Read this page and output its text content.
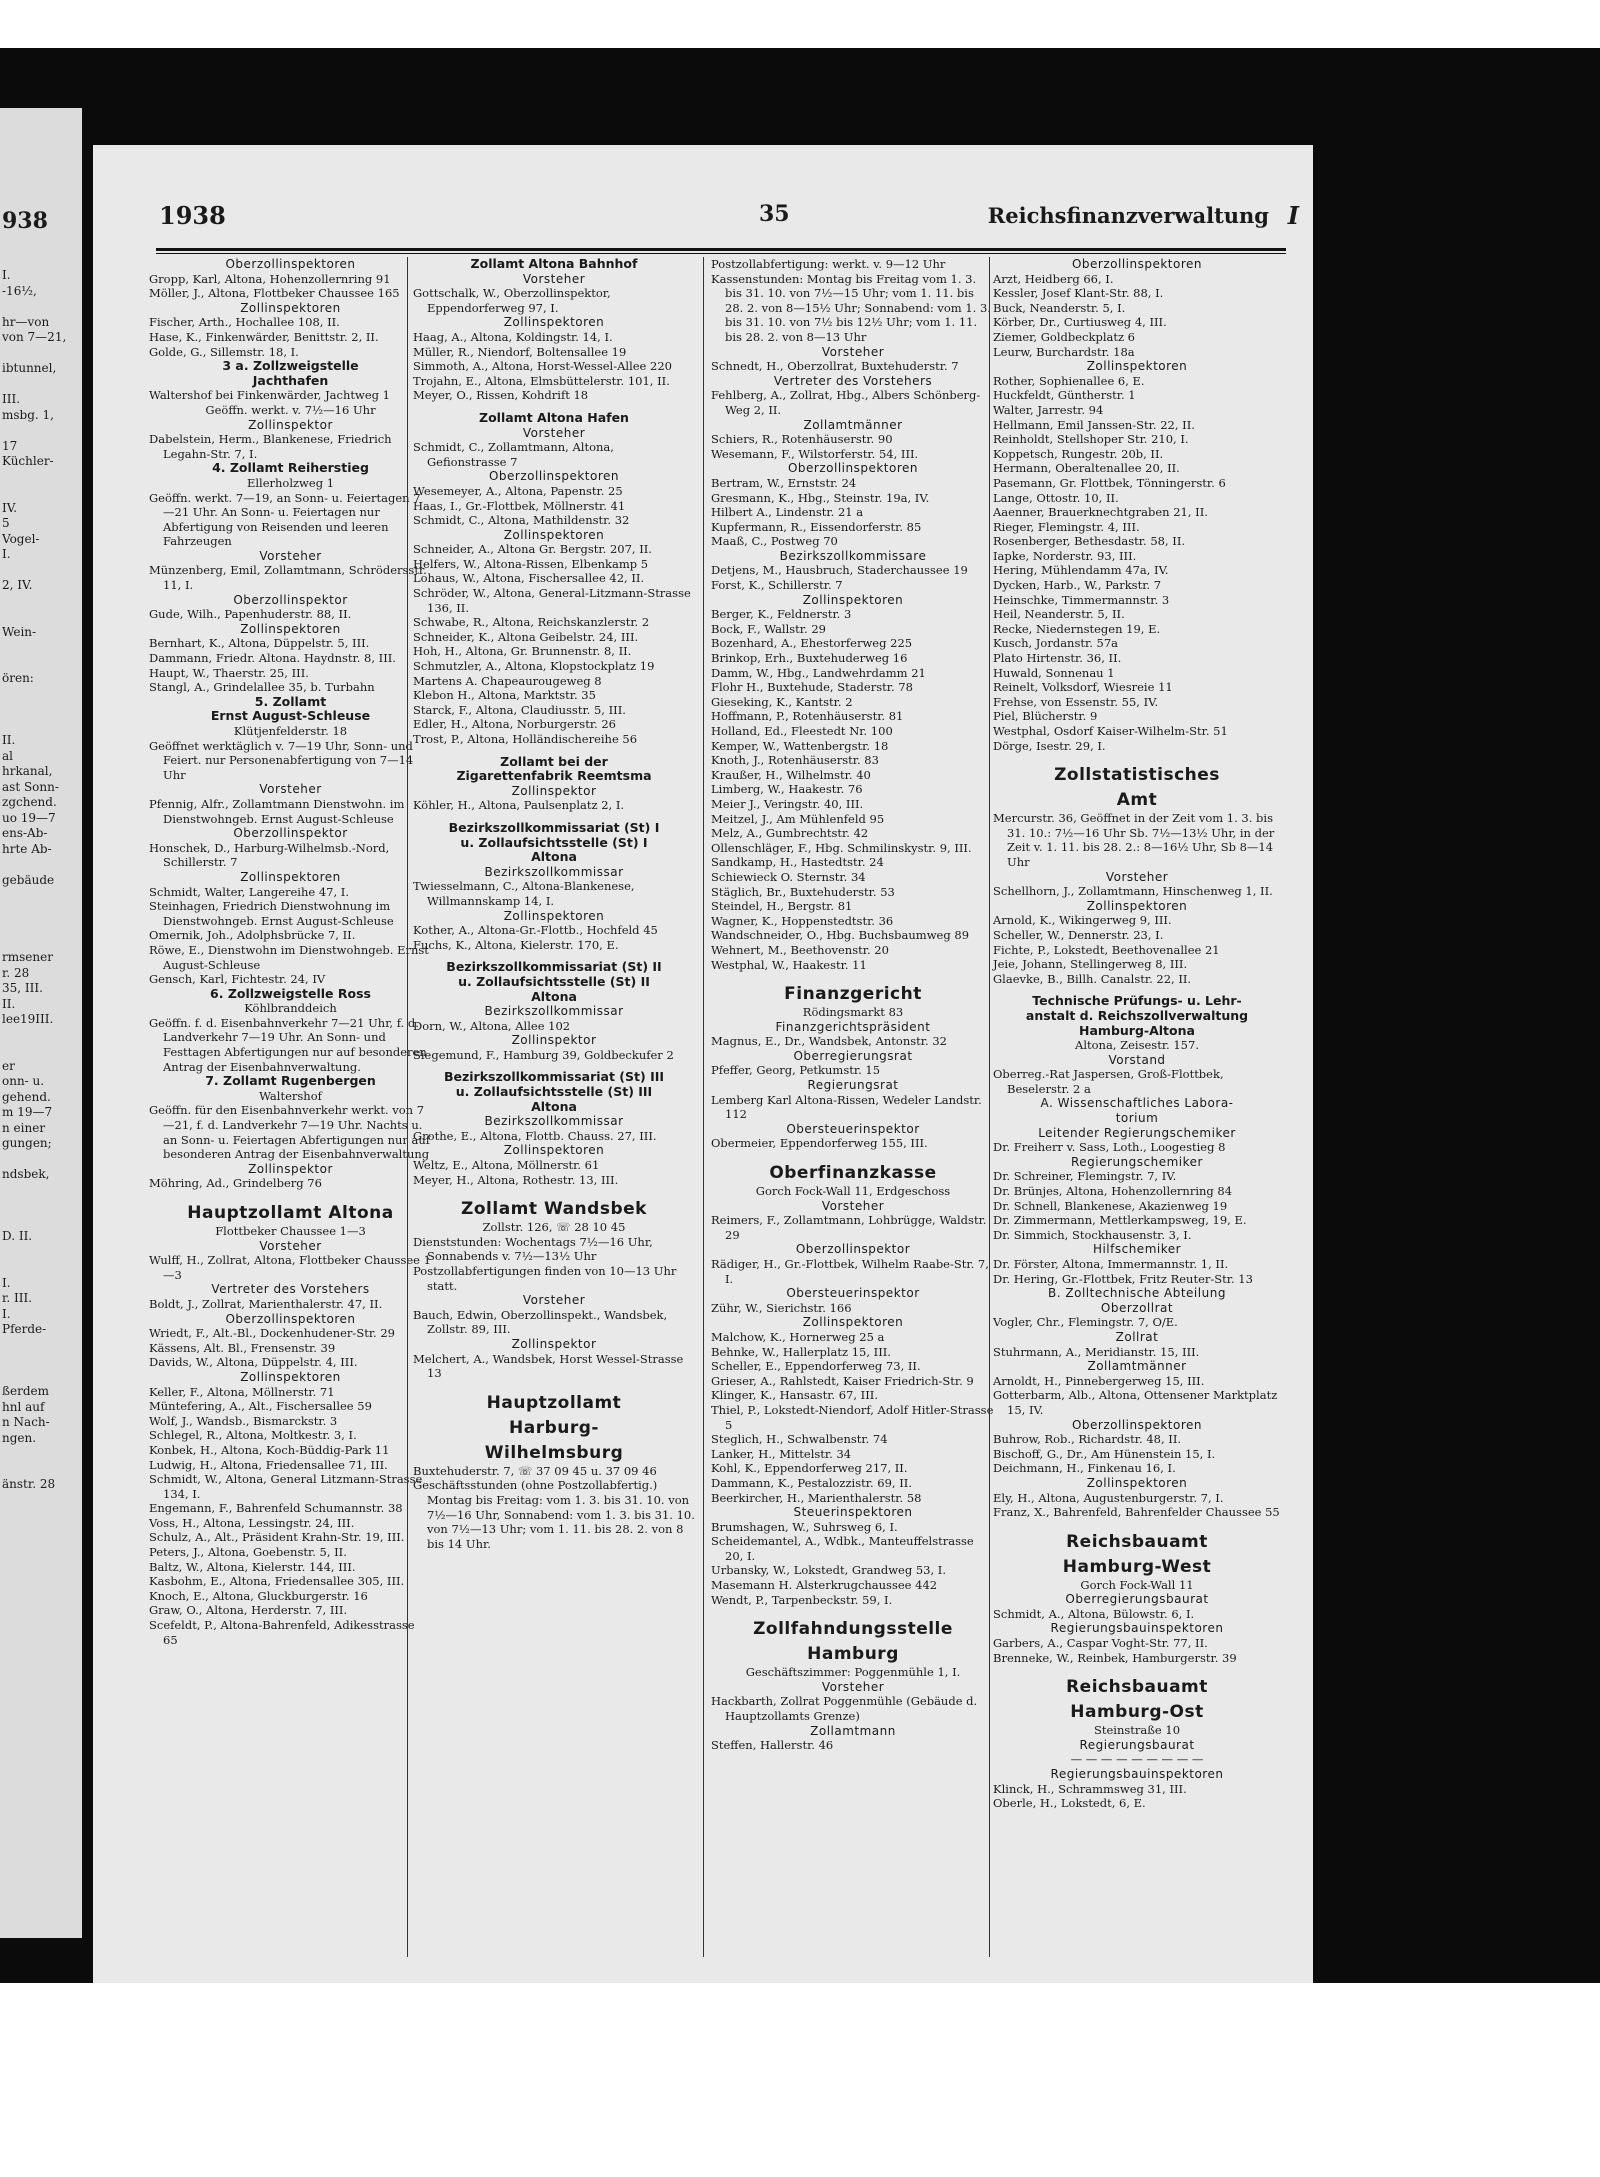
938
I.
-16½,
hr—von
von 7—21,
ibtunnel,
III.
msbg. 1,
17
Küchler-
IV.
5
Vogel-
I.
2, IV.
Wein-
ören:
II.
al
hrkanal,
ast Sonn-
zgchend.
uo 19—7
ens-Ab-
hrte Ab-
gebäude
rmsener
r. 28
35, III.
II.
lee19III.
er
onn- u.
gehend.
m 19—7
n einer
gungen;
ndsbek,
D. II.
I.
r. III.
I.
Pferde-
ßerdem
hnl auf
n Nach-
ngen.
änstr. 28
1938	35	Reichsfinanzverwaltung I
Oberzollinspektoren
Gropp, Karl, Altona, Hohenzollernring 91
Möller, J., Altona, Flottbeker Chaussee 165
Zollinspektoren
Fischer, Arth., Hochallee 108, II.
Hase, K., Finkenwärder, Benittstr. 2, II.
Golde, G., Sillemstr. 18, I.
3 a. Zollzweigstelle
Jachthafen
Waltershof bei Finkenwärder, Jachtweg 1
Geöffn. werkt. v. 7½—16 Uhr
Zollinspektor
Dabelstein, Herm., Blankenese, Friedrich Legahn-Str. 7, I.
4. Zollamt Reiherstieg
Ellerholzweg 1
Geöffn. werkt. 7—19, an Sonn- u. Feiertagen 7—21 Uhr. An Sonn- u. Feiertagen nur Abfertigung von Reisenden und leeren Fahrzeugen
Vorsteher
Münzenberg, Emil, Zollamtmann, Schrödersstr. 11, I.
Oberzollinspektor
Gude, Wilh., Papenhuderstr. 88, II.
Zollinspektoren
Bernhart, K., Altona, Düppelstr. 5, III.
Dammann, Friedr. Altona. Haydnstr. 8, III.
Haupt, W., Thaerstr. 25, III.
Stangl, A., Grindelallee 35, b. Turbahn
5. Zollamt
Ernst August-Schleuse
Klütjenfelderstr. 18
Geöffnet werktäglich v. 7—19 Uhr, Sonn- und Feiert. nur Personenabfertigung von 7—14 Uhr
Vorsteher
Pfennig, Alfr., Zollamtmann Dienstwohn. im Dienstwohngeb. Ernst August-Schleuse
Oberzollinspektor
Honschek, D., Harburg-Wilhelmsb.-Nord, Schillerstr. 7
Zollinspektoren
Schmidt, Walter, Langereihe 47, I.
Steinhagen, Friedrich Dienstwohnung im Dienstwohngeb. Ernst August-Schleuse
Omernik, Joh., Adolphsbrücke 7, II.
Röwe, E., Dienstwohn im Dienstwohngeb. Ernst August-Schleuse
Gensch, Karl, Fichtestr. 24, IV
6. Zollzweigstelle Ross
Köhlbranddeich
Geöffn. f. d. Eisenbahnverkehr 7—21 Uhr, f. d. Landverkehr 7—19 Uhr. An Sonn- und Festtagen Abfertigungen nur auf besonderen Antrag der Eisenbahnverwaltung.
7. Zollamt Rugenbergen
Waltershof
Geöffn. für den Eisenbahnverkehr werkt. von 7—21, f. d. Landverkehr 7—19 Uhr. Nachts u. an Sonn- u. Feiertagen Abfertigungen nur auf besonderen Antrag der Eisenbahnverwaltung
Zollinspektor
Möhring, Ad., Grindelberg 76
Hauptzollamt Altona
Flottbeker Chaussee 1—3
Vorsteher
Wulff, H., Zollrat, Altona, Flottbeker Chaussee 1—3
Vertreter des Vorstehers
Boldt, J., Zollrat, Marienthalerstr. 47, II.
Oberzollinspektoren
Wriedt, F., Alt.-Bl., Dockenhudener-Str. 29
Kässens, Alt. Bl., Frensenstr. 39
Davids, W., Altona, Düppelstr. 4, III.
Zollinspektoren
Keller, F., Altona, Möllnerstr. 71
Müntefering, A., Alt., Fischersallee 59
Wolf, J., Wandsb., Bismarckstr. 3
Schlegel, R., Altona, Moltkestr. 3, I.
Konbek, H., Altona, Koch-Büddig-Park 11
Ludwig, H., Altona, Friedensallee 71, III.
Schmidt, W., Altona, General Litzmann-Strasse 134, I.
Engemann, F., Bahrenfeld Schumannstr. 38
Voss, H., Altona, Lessingstr. 24, III.
Schulz, A., Alt., Präsident Krahn-Str. 19, III.
Peters, J., Altona, Goebenstr. 5, II.
Baltz, W., Altona, Kielerstr. 144, III.
Kasbohm, E., Altona, Friedensallee 305, III.
Knoch, E., Altona, Gluckburgerstr. 16
Graw, O., Altona, Herderstr. 7, III.
Scefeldt, P., Altona-Bahrenfeld, Adikesstrasse 65
Zollamt Altona Bahnhof
Vorsteher
Gottschalk, W., Oberzollinspektor, Eppendorferweg 97, I.
Zollinspektoren
Haag, A., Altona, Koldingstr. 14, I.
Müller, R., Niendorf, Boltensallee 19
Simmoth, A., Altona, Horst-Wessel-Allee 220
Trojahn, E., Altona, Elmsbüttelerstr. 101, II.
Meyer, O., Rissen, Kohdrift 18
Zollamt Altona Hafen
Vorsteher
Schmidt, C., Zollamtmann, Altona, Gefionstrasse 7
Oberzollinspektoren
Wesemeyer, A., Altona, Papenstr. 25
Haas, I., Gr.-Flottbek, Möllnerstr. 41
Schmidt, C., Altona, Mathildenstr. 32
Zollinspektoren
Schneider, A., Altona Gr. Bergstr. 207, II.
Helfers, W., Altona-Rissen, Elbenkamp 5
Lohaus, W., Altona, Fischersallee 42, II.
Schröder, W., Altona, General-Litzmann-Strasse 136, II.
Schwabe, R., Altona, Reichskanzlerstr. 2
Schneider, K., Altona Geibelstr. 24, III.
Hoh, H., Altona, Gr. Brunnenstr. 8, II.
Schmutzler, A., Altona, Klopstockplatz 19
Martens A. Chapeaurougeweg 8
Klebon H., Altona, Marktstr. 35
Starck, F., Altona, Claudiusstr. 5, III.
Edler, H., Altona, Norburgerstr. 26
Trost, P., Altona, Holländischereihe 56
Zollamt bei der
Zigarettenfabrik Reemtsma
Zollinspektor
Köhler, H., Altona, Paulsenplatz 2, I.
Bezirkszollkommissariat (St) I
u. Zollaufsichtsstelle (St) I
Altona
Bezirkszollkommissar
Twiesselmann, C., Altona-Blankenese, Willmannskamp 14, I.
Zollinspektoren
Kother, A., Altona-Gr.-Flottb., Hochfeld 45
Fuchs, K., Altona, Kielerstr. 170, E.
Bezirkszollkommissariat (St) II
u. Zollaufsichtsstelle (St) II
Altona
Bezirkszollkommissar
Dorn, W., Altona, Allee 102
Zollinspektor
Siegemund, F., Hamburg 39, Goldbeckufer 2
Bezirkszollkommissariat (St) III
u. Zollaufsichtsstelle (St) III
Altona
Bezirkszollkommissar
Grothe, E., Altona, Flottb. Chauss. 27, III.
Zollinspektoren
Weltz, E., Altona, Möllnerstr. 61
Meyer, H., Altona, Rothestr. 13, III.
Zollamt Wandsbek
Zollstr. 126, ☏ 28 10 45
Dienststunden: Wochentags 7½—16 Uhr, Sonnabends v. 7½—13½ Uhr
Postzollabfertigungen finden von 10—13 Uhr statt.
Vorsteher
Bauch, Edwin, Oberzollinspekt., Wandsbek, Zollstr. 89, III.
Zollinspektor
Melchert, A., Wandsbek, Horst Wessel-Strasse 13
Hauptzollamt
Harburg-
Wilhelmsburg
Buxtehuderstr. 7, ☏ 37 09 45 u. 37 09 46
Geschäftsstunden (ohne Postzollabfertig.) Montag bis Freitag: vom 1. 3. bis 31. 10. von 7½—16 Uhr, Sonnabend: vom 1. 3. bis 31. 10. von 7½—13 Uhr; vom 1. 11. bis 28. 2. von 8 bis 14 Uhr.
Postzollabfertigung: werkt. v. 9—12 Uhr
Kassenstunden: Montag bis Freitag vom 1. 3. bis 31. 10. von 7½—15 Uhr; vom 1. 11. bis 28. 2. von 8—15½ Uhr; Sonnabend: vom 1. 3. bis 31. 10. von 7½ bis 12½ Uhr; vom 1. 11. bis 28. 2. von 8—13 Uhr
Vorsteher
Schnedt, H., Oberzollrat, Buxtehuderstr. 7
Vertreter des Vorstehers
Fehlberg, A., Zollrat, Hbg., Albers Schönberg-Weg 2, II.
Zollamtmänner
Schiers, R., Rotenhäuserstr. 90
Wesemann, F., Wilstorferstr. 54, III.
Oberzollinspektoren
Bertram, W., Ernststr. 24
Gresmann, K., Hbg., Steinstr. 19a, IV.
Hilbert A., Lindenstr. 21 a
Kupfermann, R., Eissendorferstr. 85
Maaß, C., Postweg 70
Bezirkszollkommissare
Detjens, M., Hausbruch, Staderchaussee 19
Forst, K., Schillerstr. 7
Zollinspektoren
Berger, K., Feldnerstr. 3
Bock, F., Wallstr. 29
Bozenhard, A., Ehestorferweg 225
Brinkop, Erh., Buxtehuderweg 16
Damm, W., Hbg., Landwehrdamm 21
Flohr H., Buxtehude, Staderstr. 78
Gieseking, K., Kantstr. 2
Hoffmann, P., Rotenhäuserstr. 81
Holland, Ed., Fleestedt Nr. 100
Kemper, W., Wattenbergstr. 18
Knoth, J., Rotenhäuserstr. 83
Kraußer, H., Wilhelmstr. 40
Limberg, W., Haakestr. 76
Meier J., Veringstr. 40, III.
Meitzel, J., Am Mühlenfeld 95
Melz, A., Gumbrechtstr. 42
Ollenschläger, F., Hbg. Schmilinskystr. 9, III.
Sandkamp, H., Hastedtstr. 24
Schiewieck O. Sternstr. 34
Stäglich, Br., Buxtehuderstr. 53
Steindel, H., Bergstr. 81
Wagner, K., Hoppenstedtstr. 36
Wandschneider, O., Hbg. Buchsbaumweg 89
Wehnert, M., Beethovenstr. 20
Westphal, W., Haakestr. 11
Finanzgericht
Rödingsmarkt 83
Finanzgerichtspräsident
Magnus, E., Dr., Wandsbek, Antonstr. 32
Oberregierungsrat
Pfeffer, Georg, Petkumstr. 15
Regierungsrat
Lemberg Karl Altona-Rissen, Wedeler Landstr. 112
Obersteuerinspektor
Obermeier, Eppendorferweg 155, III.
Oberfinanzkasse
Gorch Fock-Wall 11, Erdgeschoss
Vorsteher
Reimers, F., Zollamtmann, Lohbrügge, Waldstr. 29
Oberzollinspektor
Rädiger, H., Gr.-Flottbek, Wilhelm Raabe-Str. 7, I.
Obersteuerinspektor
Zühr, W., Sierichstr. 166
Zollinspektoren
Malchow, K., Hornerweg 25 a
Behnke, W., Hallerplatz 15, III.
Scheller, E., Eppendorferweg 73, II.
Grieser, A., Rahlstedt, Kaiser Friedrich-Str. 9
Klinger, K., Hansastr. 67, III.
Thiel, P., Lokstedt-Niendorf, Adolf Hitler-Strasse 5
Steglich, H., Schwalbenstr. 74
Lanker, H., Mittelstr. 34
Kohl, K., Eppendorferweg 217, II.
Dammann, K., Pestalozzistr. 69, II.
Beerkircher, H., Marienthalerstr. 58
Steuerinspektoren
Brumshagen, W., Suhrsweg 6, I.
Scheidemantel, A., Wdbk., Manteuffelstrasse 20, I.
Urbansky, W., Lokstedt, Grandweg 53, I.
Masemann H. Alsterkrugchaussee 442
Wendt, P., Tarpenbeckstr. 59, I.
Zollfahndungsstelle
Hamburg
Geschäftszimmer: Poggenmühle 1, I.
Vorsteher
Hackbarth, Zollrat Poggenmühle (Gebäude d. Hauptzollamts Grenze)
Zollamtmann
Steffen, Hallerstr. 46
Oberzollinspektoren
Arzt, Heidberg 66, I.
Kessler, Josef Klant-Str. 88, I.
Buck, Neanderstr. 5, I.
Körber, Dr., Curtiusweg 4, III.
Ziemer, Goldbeckplatz 6
Leurw, Burchardstr. 18a
Zollinspektoren
Rother, Sophienallee 6, E.
Huckfeldt, Güntherstr. 1
Walter, Jarrestr. 94
Hellmann, Emil Janssen-Str. 22, II.
Reinholdt, Stellshoper Str. 210, I.
Koppetsch, Rungestr. 20b, II.
Hermann, Oberaltenallee 20, II.
Pasemann, Gr. Flottbek, Tönningerstr. 6
Lange, Ottostr. 10, II.
Aaenner, Brauerknechtgraben 21, II.
Rieger, Flemingstr. 4, III.
Rosenberger, Bethesdastr. 58, II.
Iapke, Norderstr. 93, III.
Hering, Mühlendamm 47a, IV.
Dycken, Harb., W., Parkstr. 7
Heinschke, Timmermannstr. 3
Heil, Neanderstr. 5, II.
Recke, Niedernstegen 19, E.
Kusch, Jordanstr. 57a
Plato Hirtenstr. 36, II.
Huwald, Sonnenau 1
Reinelt, Volksdorf, Wiesreie 11
Frehse, von Essenstr. 55, IV.
Piel, Blücherstr. 9
Westphal, Osdorf Kaiser-Wilhelm-Str. 51
Dörge, Isestr. 29, I.
Zollstatistisches
Amt
Mercurstr. 36, Geöffnet in der Zeit vom 1. 3. bis 31. 10.: 7½—16 Uhr Sb. 7½—13½ Uhr, in der Zeit v. 1. 11. bis 28. 2.: 8—16½ Uhr, Sb 8—14 Uhr
Vorsteher
Schellhorn, J., Zollamtmann, Hinschenweg 1, II.
Zollinspektoren
Arnold, K., Wikingerweg 9, III.
Scheller, W., Dennerstr. 23, I.
Fichte, P., Lokstedt, Beethovenallee 21
Jeie, Johann, Stellingerweg 8, III.
Glaevke, B., Billh. Canalstr. 22, II.
Technische Prüfungs- u. Lehr-
anstalt d. Reichszollverwaltung
Hamburg-Altona
Altona, Zeisestr. 157.
Vorstand
Oberreg.-Rat Jaspersen, Groß-Flottbek, Beselerstr. 2 a
A. Wissenschaftliches Labora-
torium
Leitender Regierungschemiker
Dr. Freiherr v. Sass, Loth., Loogestieg 8
Regierungschemiker
Dr. Schreiner, Flemingstr. 7, IV.
Dr. Brünjes, Altona, Hohenzollernring 84
Dr. Schnell, Blankenese, Akazienweg 19
Dr. Zimmermann, Mettlerkampsweg, 19, E.
Dr. Simmich, Stockhausenstr. 3, I.
Hilfschemiker
Dr. Förster, Altona, Immermannstr. 1, II.
Dr. Hering, Gr.-Flottbek, Fritz Reuter-Str. 13
B. Zolltechnische Abteilung
Oberzollrat
Vogler, Chr., Flemingstr. 7, O/E.
Zollrat
Stuhrmann, A., Meridianstr. 15, III.
Zollamtmänner
Arnoldt, H., Pinnebergerweg 15, III.
Gotterbarm, Alb., Altona, Ottensener Marktplatz 15, IV.
Oberzollinspektoren
Buhrow, Rob., Richardstr. 48, II.
Bischoff, G., Dr., Am Hünenstein 15, I.
Deichmann, H., Finkenau 16, I.
Zollinspektoren
Ely, H., Altona, Augustenburgerstr. 7, I.
Franz, X., Bahrenfeld, Bahrenfelder Chaussee 55
Reichsbauamt
Hamburg-West
Gorch Fock-Wall 11
Oberregierungsbaurat
Schmidt, A., Altona, Bülowstr. 6, I.
Regierungsbauinspektoren
Garbers, A., Caspar Voght-Str. 77, II.
Brenneke, W., Reinbek, Hamburgerstr. 39
Reichsbauamt
Hamburg-Ost
Steinstraße 10
Regierungsbaurat
— — — — — — — — —
Regierungsbauinspektoren
Klinck, H., Schrammsweg 31, III.
Oberle, H., Lokstedt, 6, E.
